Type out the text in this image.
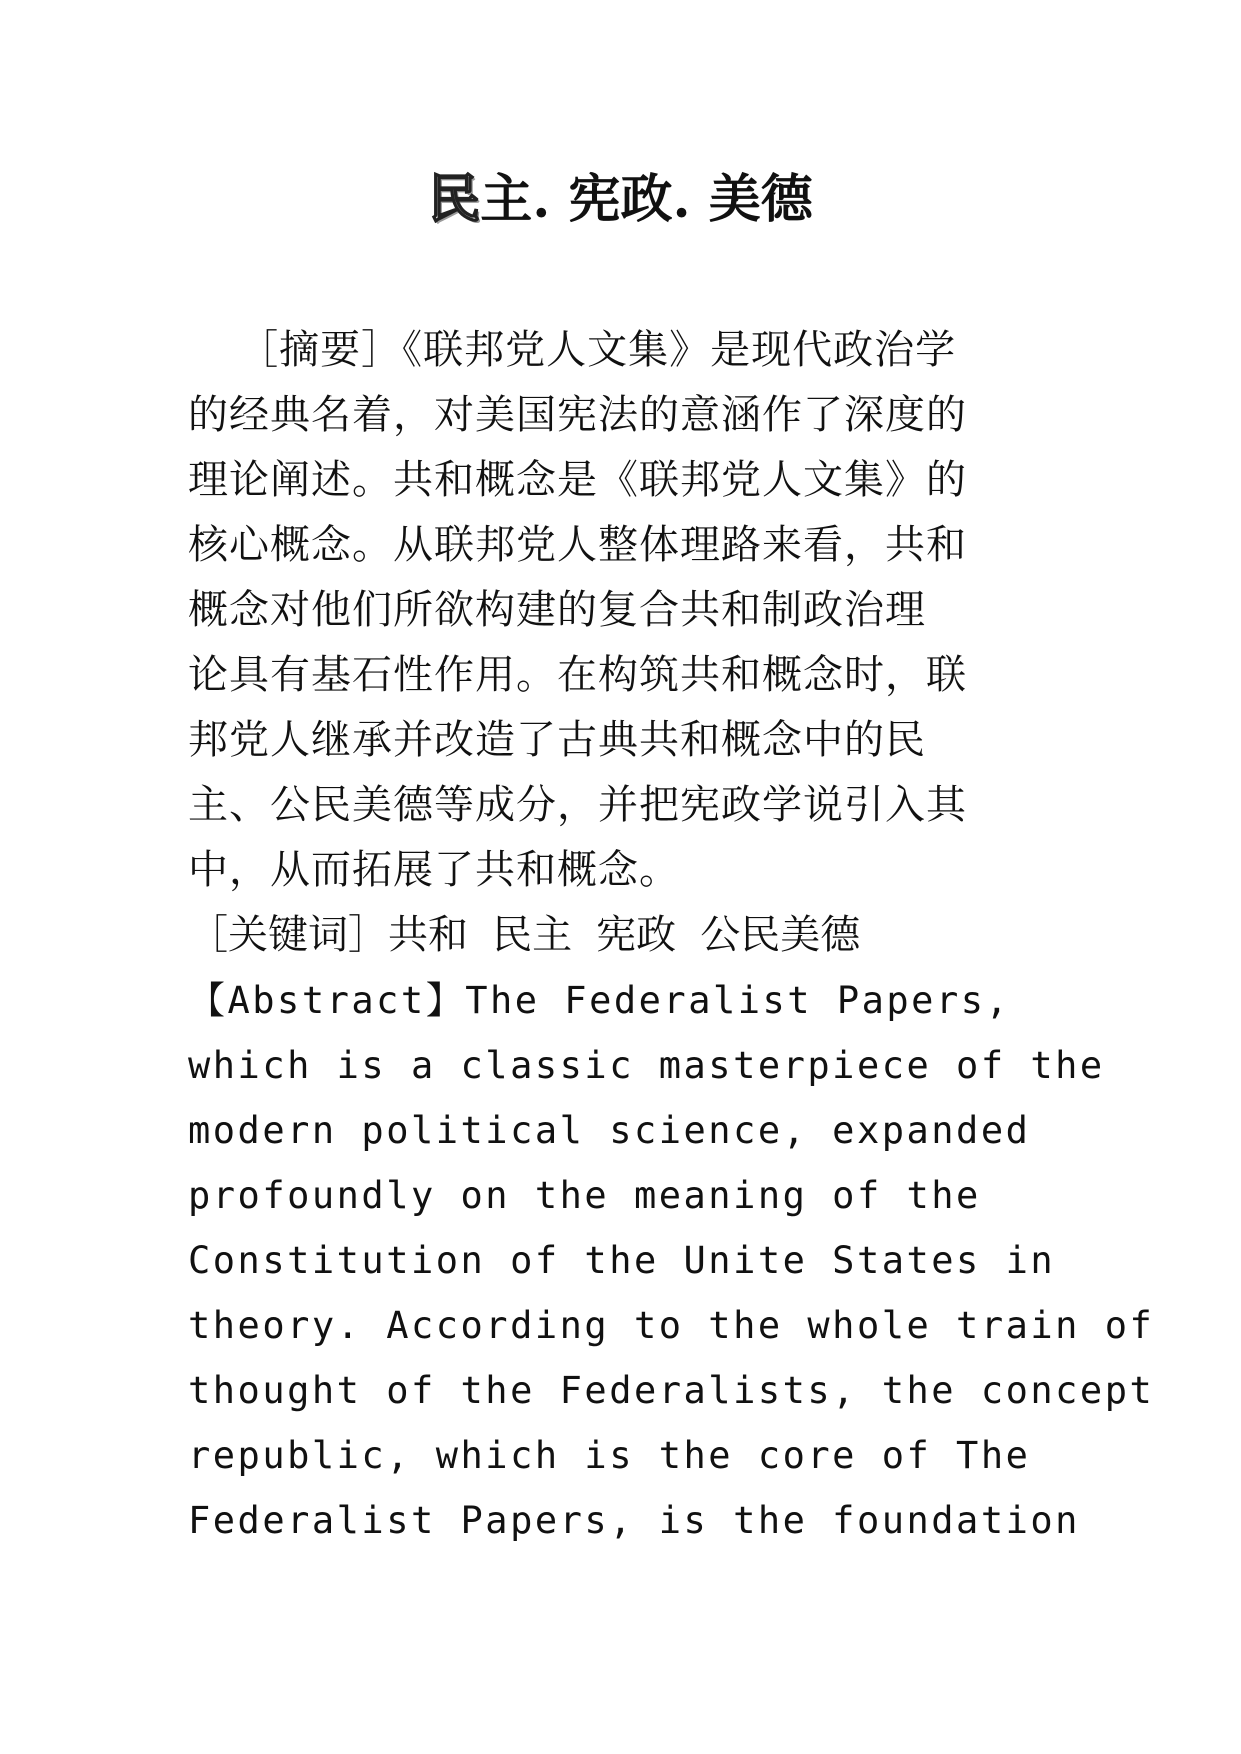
民主. 宪政. 美德
［摘要］《联邦党人文集》是现代政治学
的经典名着，对美国宪法的意涵作了深度的
理论阐述。共和概念是《联邦党人文集》的
核心概念。从联邦党人整体理路来看，共和
概念对他们所欲构建的复合共和制政治理
论具有基石性作用。在构筑共和概念时，联
邦党人继承并改造了古典共和概念中的民
主、公民美德等成分，并把宪政学说引入其
中，从而拓展了共和概念。
［关键词］共和 民主 宪政 公民美德
【Abstract】The Federalist Papers,
which is a classic masterpiece of the
modern political science, expanded
profoundly on the meaning of the
Constitution of the Unite States in
theory. According to the whole train of
thought of the Federalists, the concept
republic, which is the core of The
Federalist Papers, is the foundation
